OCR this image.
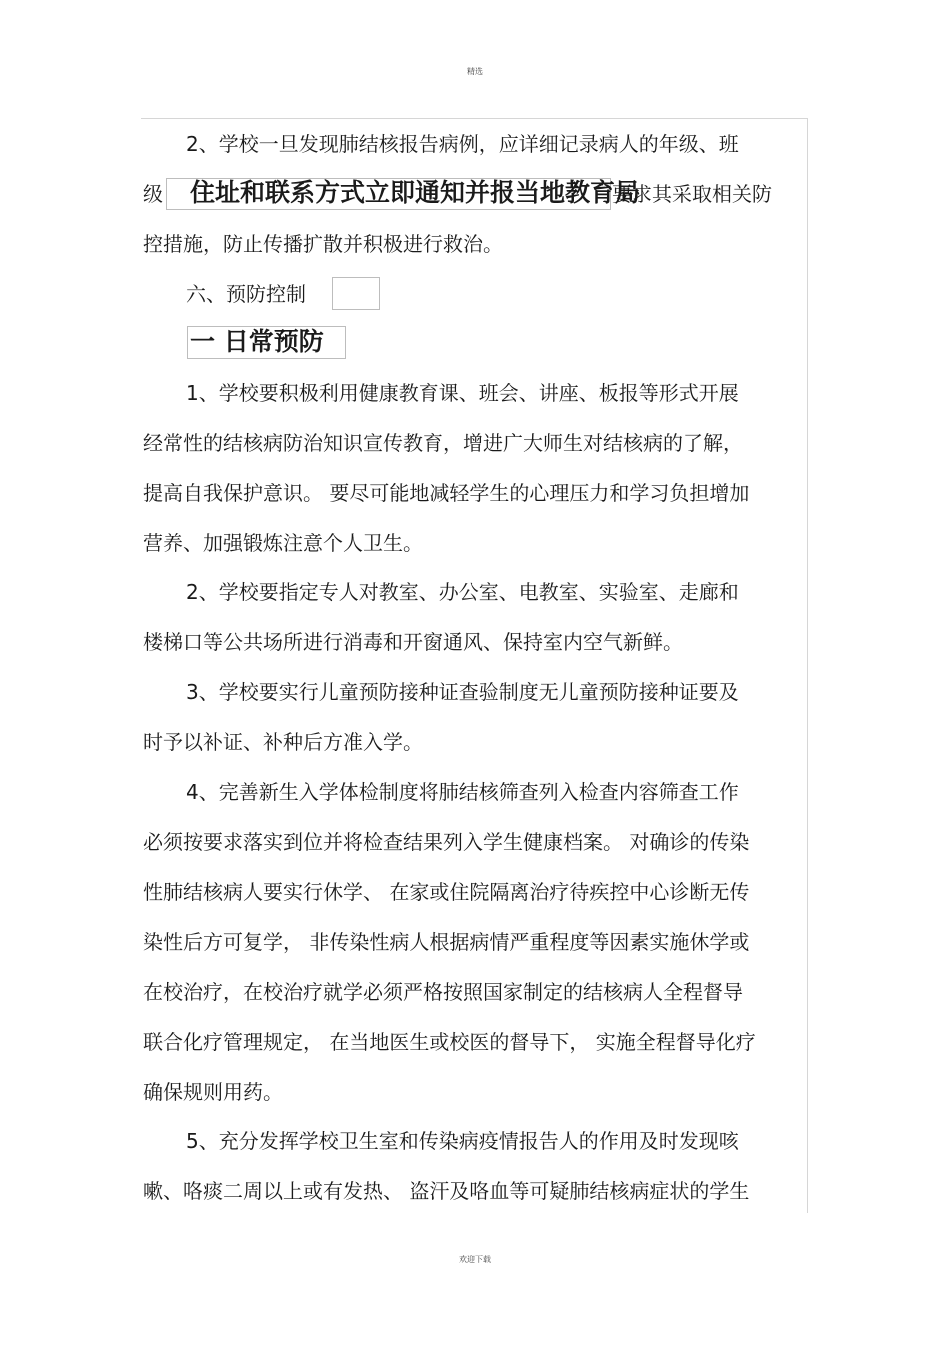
精选
2、学校一旦发现肺结核报告病例，应详细记录病人的年级、班
级 住址和联系方式立即通知并报当地教育局
要求其采取相关防
控措施，防止传播扩散并积极进行救治。
六、预防控制
一 日常预防
1、学校要积极利用健康教育课、班会、讲座、板报等形式开展
经常性的结核病防治知识宣传教育，增进广大师生对结核病的了解，
提高自我保护意识。 要尽可能地减轻学生的心理压力和学习负担增加
营养、加强锻炼注意个人卫生。
2、学校要指定专人对教室、办公室、电教室、实验室、走廊和
楼梯口等公共场所进行消毒和开窗通风、保持室内空气新鲜。
3、学校要实行儿童预防接种证查验制度无儿童预防接种证要及
时予以补证、补种后方准入学。
4、完善新生入学体检制度将肺结核筛查列入检查内容筛查工作
必须按要求落实到位并将检查结果列入学生健康档案。 对确诊的传染
性肺结核病人要实行休学、 在家或住院隔离治疗待疾控中心诊断无传
染性后方可复学， 非传染性病人根据病情严重程度等因素实施休学或
在校治疗，在校治疗就学必须严格按照国家制定的结核病人全程督导
联合化疗管理规定， 在当地医生或校医的督导下， 实施全程督导化疗
确保规则用药。
5、充分发挥学校卫生室和传染病疫情报告人的作用及时发现咳
嗽、咯痰二周以上或有发热、 盗汗及咯血等可疑肺结核病症状的学生
欢迎下载
